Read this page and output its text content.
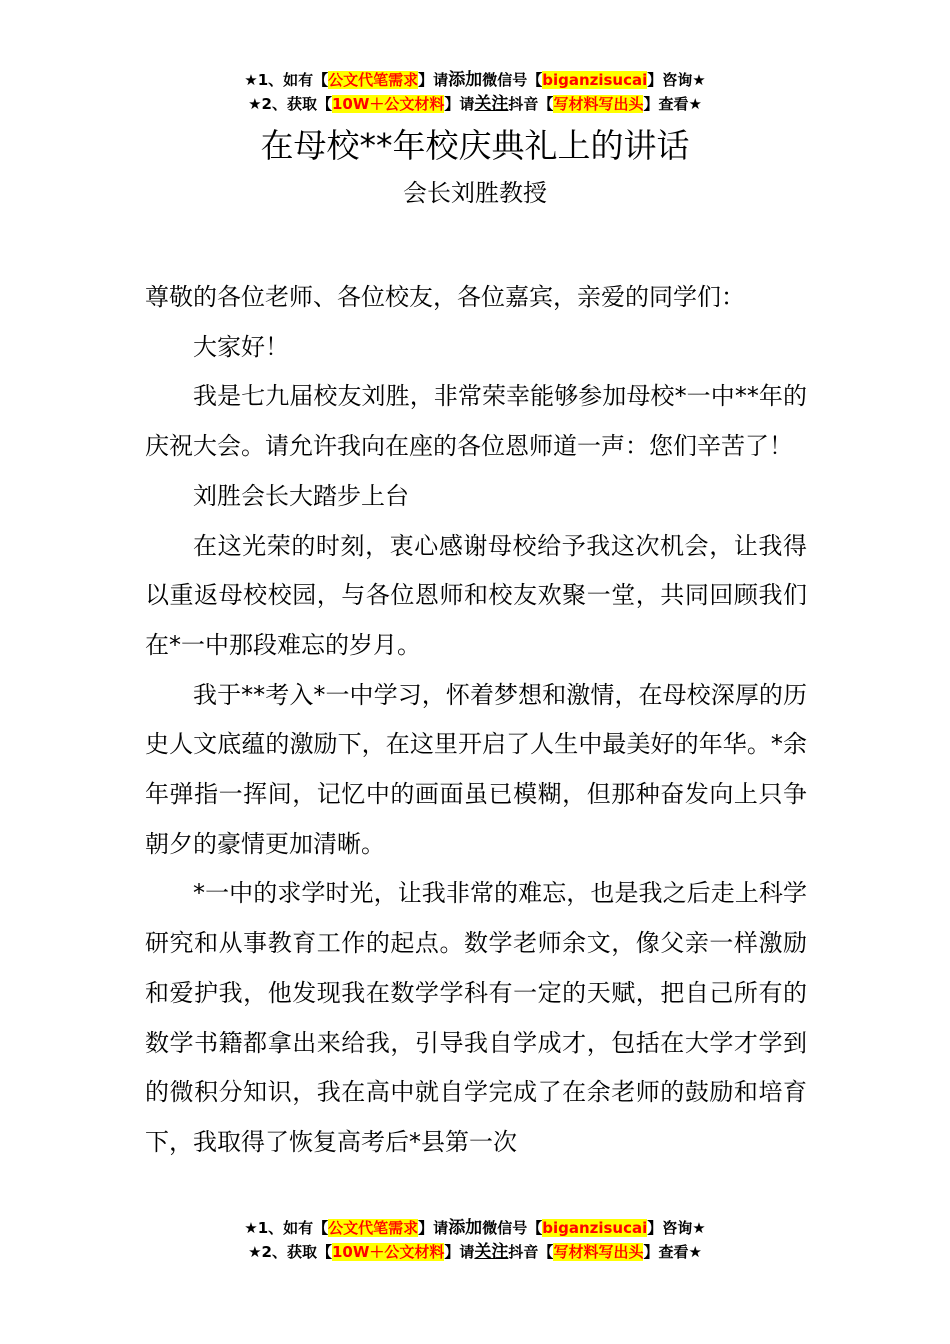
★1、如有【公文代笔需求】请添加微信号【biganzisucai】咨询★
★2、获取【10W＋公文材料】请关注抖音【写材料写出头】查看★
在母校**年校庆典礼上的讲话
会长刘胜教授

尊敬的各位老师、各位校友，各位嘉宾，亲爱的同学们：

大家好！

我是七九届校友刘胜，非常荣幸能够参加母校*一中**年的庆祝大会。请允许我向在座的各位恩师道一声：您们辛苦了！

刘胜会长大踏步上台

在这光荣的时刻，衷心感谢母校给予我这次机会，让我得以重返母校校园，与各位恩师和校友欢聚一堂，共同回顾我们在*一中那段难忘的岁月。

我于**考入*一中学习，怀着梦想和激情，在母校深厚的历史人文底蕴的激励下，在这里开启了人生中最美好的年华。*余年弹指一挥间，记忆中的画面虽已模糊，但那种奋发向上只争朝夕的豪情更加清晰。

*一中的求学时光，让我非常的难忘，也是我之后走上科学研究和从事教育工作的起点。数学老师余文，像父亲一样激励和爱护我，他发现我在数学学科有一定的天赋，把自己所有的数学书籍都拿出来给我，引导我自学成才，包括在大学才学到的微积分知识，我在高中就自学完成了在余老师的鼓励和培育下，我取得了恢复高考后*县第一次

★1、如有【公文代笔需求】请添加微信号【biganzisucai】咨询★
★2、获取【10W＋公文材料】请关注抖音【写材料写出头】查看★
